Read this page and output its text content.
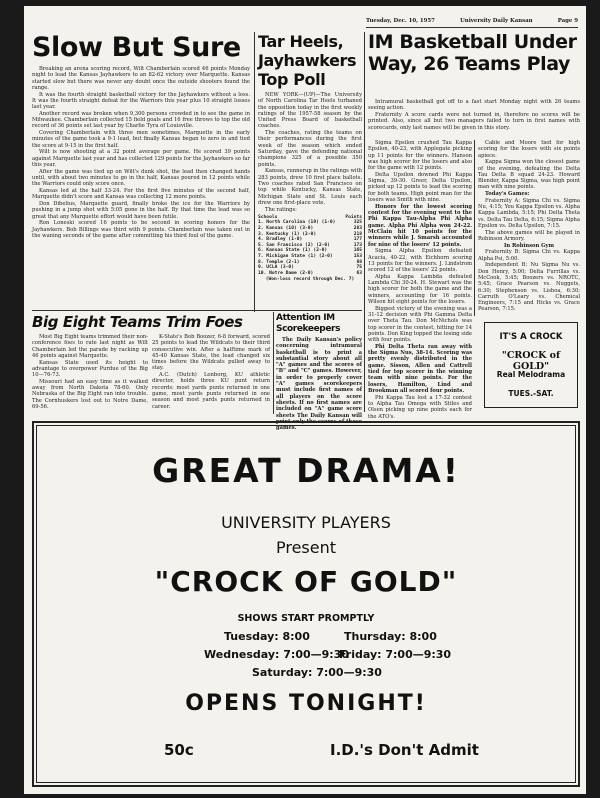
Tuesday, Dec. 10, 1957	University Daily Kansan	Page 9
Slow But Sure

Breaking an arena scoring record, Wilt Chamberlain scored 46 points Monday night to lead the Kansas Jayhawkers to an 82-62 victory over Marquette. Kansas started slow but there was never any doubt once the outside shooters found the range.

It was the fourth straight basketball victory for the Jayhawkers without a loss. It was the fourth straight defeat for the Warriors this year plus 10 straight losses last year.

Another record was broken when 9,300 persons crowded in to see the game in Milwaukee. Chamberlain collected 15 field goals and 16 free throws to top the old record of 36 points set last year by Charlie Tyra of Louisville.

Covering Chamberlain with three men sometimes, Marquette in the early minutes of the game took a 9-1 lead, but finally Kansas began to zero in and tied the score at 9-15 in the first half.

Wilt is now shooting at a 32 point average per game. He scored 39 points against Marquette last year and has collected 129 points for the Jayhawkers so far this year.

After the game was tied up on Wilt's dunk shot, the lead then changed hands until, with about two minutes to go in the half, Kansas poured in 12 points while the Warriors could only score once.

Kansas led at the half 33-24. For the first five minutes of the second half, Marquette didn't score and Kansas was collecting 12 more points.

Don Dibelius, Marquette guard, finally broke the ice for the Warriors by pushing in a jump shot with 5:05 gone in the half. By that time the lead was so great that any Marquette effort would have been futile.

Ron Loneski scored 16 points to be second in scoring honors for the Jayhawkers. Bob Billings was third with 9 points. Chamberlain was taken out in the waning seconds of the game after committing his third foul of the game.

Tar Heels, Jayhawkers Top Poll

NEW YORK—(UP)—The University of North Carolina Tar Heels turbaned the opposition today in the first weekly ratings of the 1957-58 season by the United Press Board of basketball coaches.

The coaches, rating the teams on their performances during the first week of the season which ended Saturday, gave the defending national champions 325 of a possible 350 points.

Kansas, runnerup in the ratings with 283 points, drew 10 first place ballots. Two coaches rated San Francisco on top while Kentucky, Kansas State, Michigan State and St. Louis each drew one first-place vote.

The ratings:

Schools	Points
1. North Carolina (19) (1-0)	325
2. Kansas (10) (3-0)	283
3. Kentucky (1) (2-0)	218
4. Bradley (1-0)	177
5. San Francisco (2) (2-0)	173
6. Kansas State (1) (2-0)	165
7. Michigan State (1) (2-0)	153
8. Temple (2-1)	88
9. UCLA (3-0)	75
10. Notre Dame (2-0)	63
(Won-loss record through Dec. 7)
IM Basketball Under Way, 26 Teams Play

Intramural basketball got off to a fast start Monday night with 26 teams seeing action.

Fraternity A score cards were not turned in, therefore no scores will be printed. Also, since all but two managers failed to turn in first names with scorecards, only last names will be given in this story.

Sigma Epsilon crushed Tau Kappa Epsilon, 40-23, with Applegate picking up 11 points for the winners. Hanson was high scorer for the losers and also for the game with 12 points.

Delta Upsilon downed Phi Kappa Sigma, 39-30. Greer, Delta Upsilon, picked up 12 points to lead the scoring for both teams. High point man for the losers was Smith with nine.

Honors for the lowest scoring contest for the evening went to the Phi Kappa Tau-Alpha Phi Alpha game. Alpha Phi Alpha won 24-22. McClain hit 10 points for the winners while J. Smarsh accounted for nine of the losers' 12 points.

Sigma Alpha Epsilon defeated Acacia, 40-22, with Eichhorn scoring 13 points for the winners. J. Lindstrom scored 12 of the losers' 22 points.

Alpha Kappa Lambda defeated Lambda Chi 30-24. H. Stewart was the high scorer for both the game and the winners, accounting for 16 points. Wilson hit eight points for the losers.

Biggest victory of the evening was a 31-12 decision with Phi Gamma Delta over Theta Tau. Don McNichols was top scorer in the contest, hitting for 14 points. Don King topped the losing side with four points.

Phi Delta Theta ran away with the Sigma Nus, 38-14. Scoring was pretty evenly distributed in the game. Sisson, Allen and Cattrell tied for top scorer in the winning team with nine points. For the losers, Hamilton, Lind and Brookman all scored four points.

Phi Kappa Tau lost a 17-32 contest to Alpha Tau Omega with Stiles and Olsen picking up nine points each for the ATO's.

Cable and Moore tied for high scoring for the losers with six points apiece.

Kappa Sigma won the closest game of the evening, defeating the Delta Tau Delta B squad 24-23. Howard Blender, Kappa Sigma, was high point man with nine points.

Today's Games:

Fraternity A: Sigma Chi vs. Sigma Nu, 4:15; You Kappa Epsilon vs. Alpha Kappa Lambda, 5:15; Phi Delta Theta vs. Delta Tau Delta, 6:15; Sigma Alpha Epsilon vs. Delta Upsilon, 7:15.

The above games will be played in Robinson Armory.

In Robinson Gym

Fraternity B: Sigma Chi vs. Kappa Alpha Psi, 5:00.

Independent B: Nu Sigma Nu vs. Don Henry, 5:00; Delta Furrillas vs. McCook, 5:45; Boozers vs. NROTC, 5:45; Grace Pearson vs. Nuggets, 6:30; Stephenson vs. Lisboa, 6:30; Carruth O'Leary vs. Chemical Engineers, 7:15 and Hicks vs. Grace Pearson, 7:15.

Big Eight Teams Trim Foes

Most Big Eight teams trimmed their non-conference foes to rate last night as Wilt Chamberlain led the parade by racking up 46 points against Marquette.

Kansas State used its height to advantage to overpower Purdue of the Big 10—76-73.

Missouri had an easy time as it walked away from North Dakota 78-60. Only Nebraska of the Big Eight ran into trouble. The Cornhuskers lost out to Notre Dame, 69-56.

K-State's Bob Boozer, 6-8 forward, scored 25 points to lead the Wildcats to their third consecutive win. After a halftime mark of 45-40 Kansas State, the lead changed six times before the Wildcats pulled away to stay.

A.C. (Dutch) Lonborg, KU athletic director, holds three KU punt return records: most yards punts returned in one game, most yards punts returned in one season and most yards punts returned in career.

Attention IM Scorekeepers
The Daily Kansan's policy concerning intramural basketball is to print a substantial story about all "A" games and the scores of "B" and "C" games. However, in order to properly cover "A" games scorekeepers must include first names of all players on the score sheets. If no first names are included on "A" game score sheets The Daily Kansan will print only the scores of those games.
IT'S A CROCK
"CROCK of GOLD"
Real Melodrama
TUES.-SAT.
GREAT DRAMA!
UNIVERSITY PLAYERS
Present
"CROCK OF GOLD"
SHOWS START PROMPTLY
Tuesday: 8:00	Thursday: 8:00
Wednesday: 7:00—9:30
Friday: 7:00—9:30
Saturday: 7:00—9:30
OPENS TONIGHT!
50c	I.D.'s Don't Admit
